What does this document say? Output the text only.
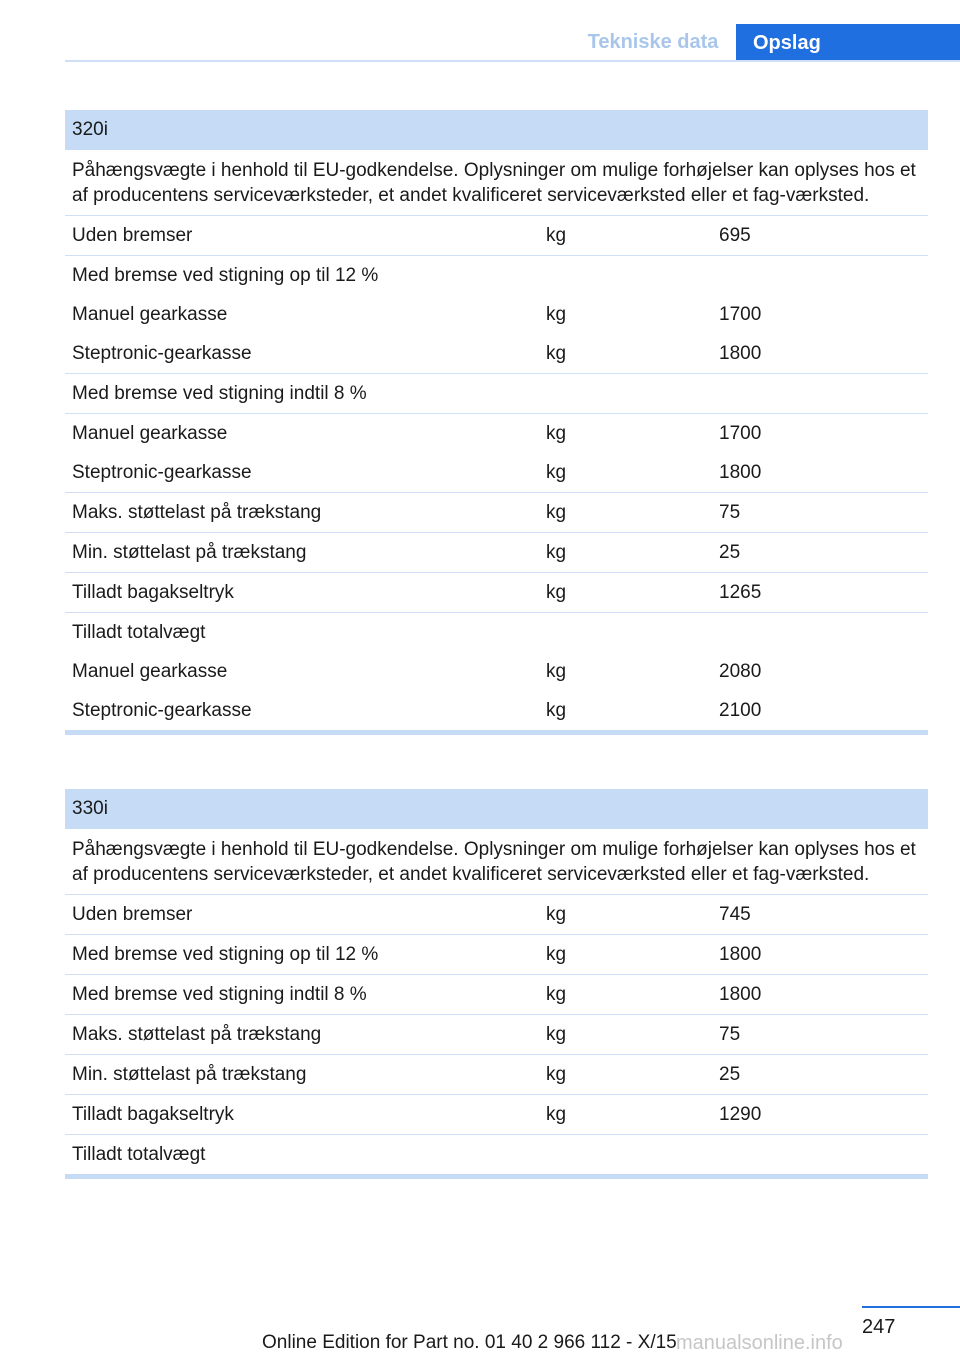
Tekniske data	Opslag
320i
Påhængsvægte i henhold til EU-godkendelse. Oplysninger om mulige forhøjelser kan oplyses hos et af producentens serviceværksteder, et andet kvalificeret serviceværksted eller et fag-værksted.
Uden bremser	kg	695
Med bremse ved stigning op til 12 %
Manuel gearkasse	kg	1700
Steptronic-gearkasse	kg	1800
Med bremse ved stigning indtil 8 %
Manuel gearkasse	kg	1700
Steptronic-gearkasse	kg	1800
Maks. støttelast på trækstang	kg	75
Min. støttelast på trækstang	kg	25
Tilladt bagakseltryk	kg	1265
Tilladt totalvægt
Manuel gearkasse	kg	2080
Steptronic-gearkasse	kg	2100
330i
Påhængsvægte i henhold til EU-godkendelse. Oplysninger om mulige forhøjelser kan oplyses hos et af producentens serviceværksteder, et andet kvalificeret serviceværksted eller et fag-værksted.
Uden bremser	kg	745
Med bremse ved stigning op til 12 %	kg	1800
Med bremse ved stigning indtil 8 %	kg	1800
Maks. støttelast på trækstang	kg	75
Min. støttelast på trækstang	kg	25
Tilladt bagakseltryk	kg	1290
Tilladt totalvægt
247
Online Edition for Part no. 01 40 2 966 112 - X/15 manualsonline.info
